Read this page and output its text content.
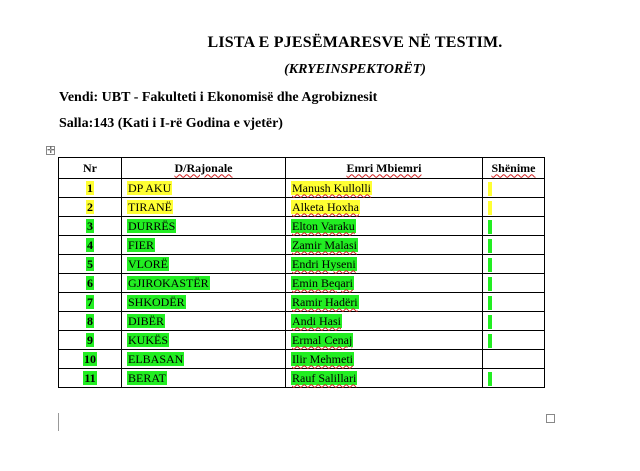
LISTA E PJESËMARESVE NË TESTIM.
(KRYEINSPEKTORËT)
Vendi: UBT - Fakulteti i Ekonomisë dhe Agrobiznesit
Salla:143 (Kati i I-rë Godina e vjetër)
✛
Nr	D/Rajonale	Emri Mbiemri	Shënime
1	DP AKU	Manush Kullolli	
2	TIRANË	Alketa Hoxha	
3	DURRËS	Elton Varaku	
4	FIER	Zamir Malasi	
5	VLORË	Endri Hyseni	
6	GJIROKASTËR	Emin Beqari	
7	SHKODËR	Ramir Hadëri	
8	DIBËR	Andi Hasi	
9	KUKËS	Ermal Cenaj	
10	ELBASAN	Ilir Mehmeti	
11	BERAT	Rauf Salillari	
